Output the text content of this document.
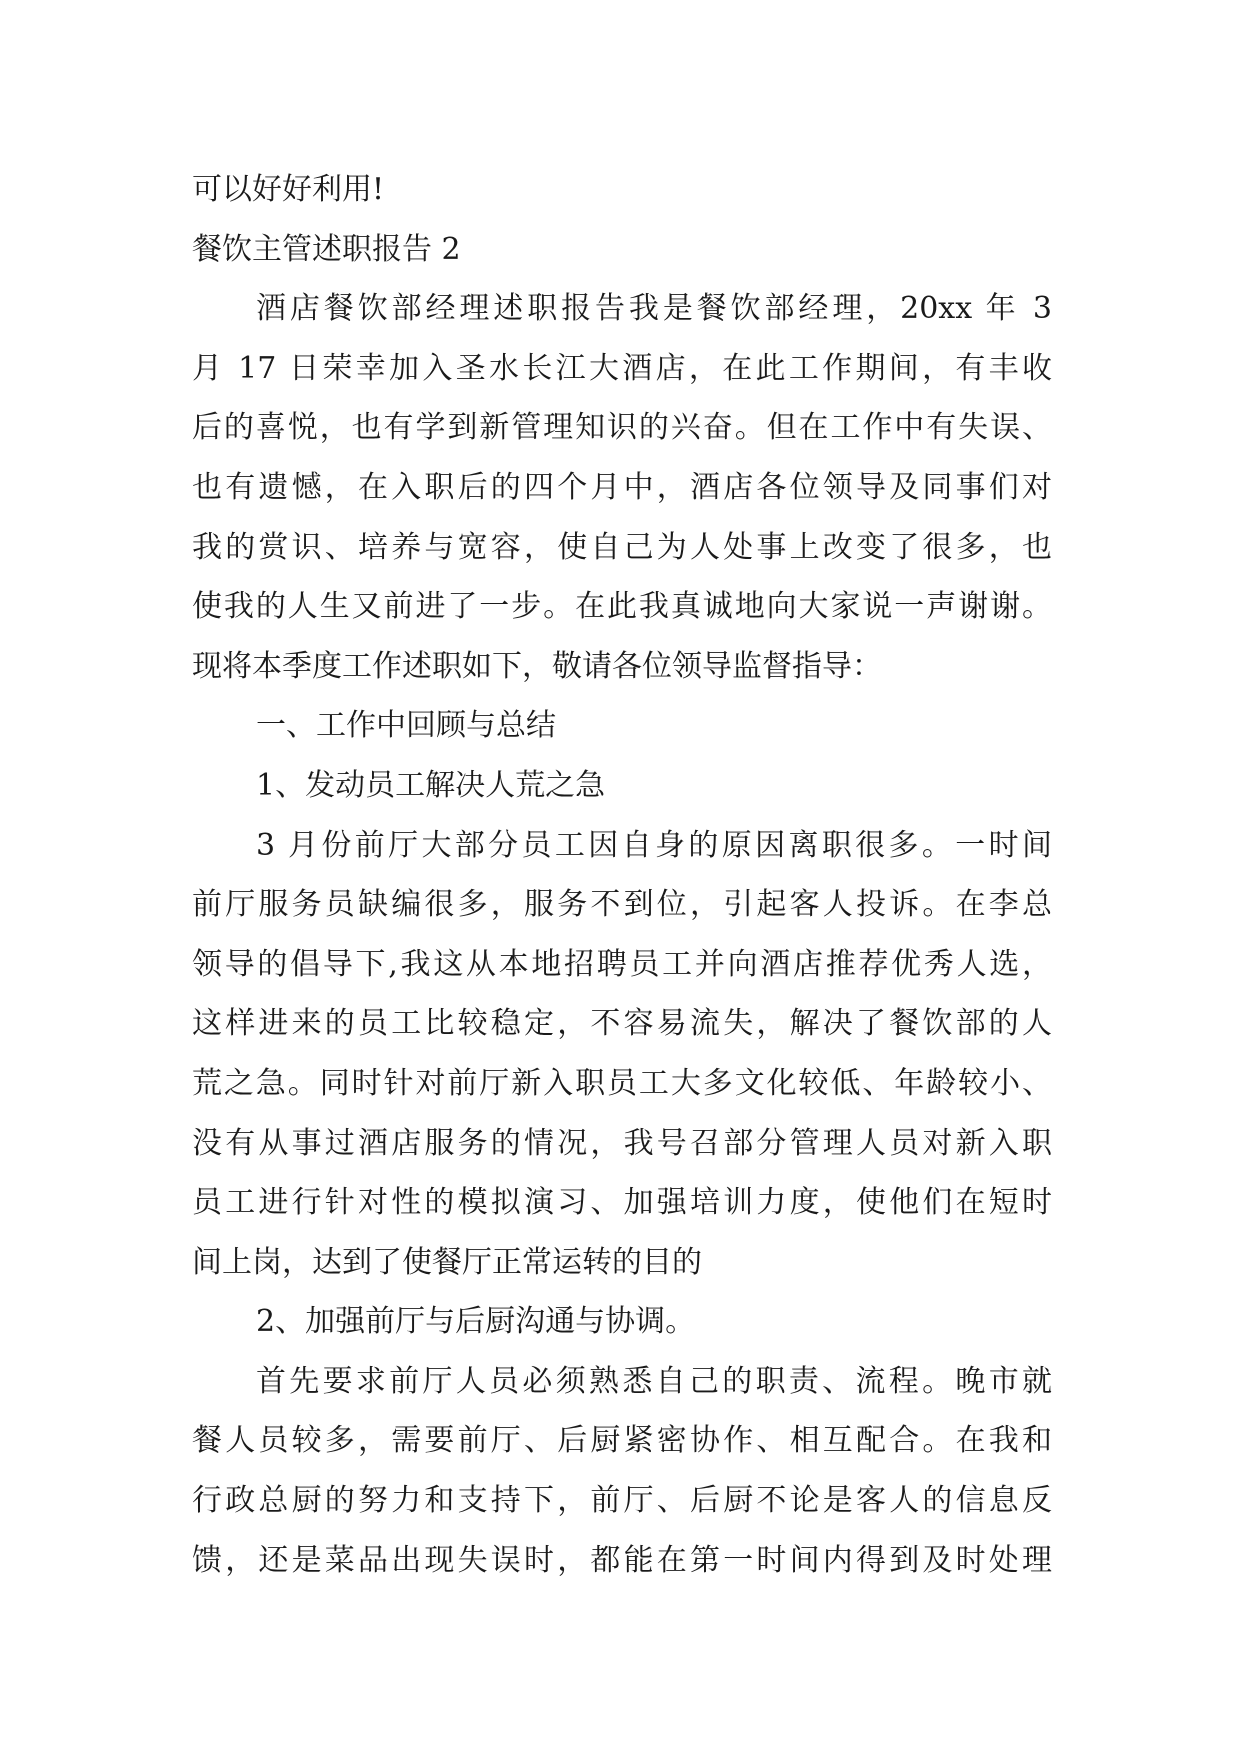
可以好好利用!
餐饮主管述职报告 2
酒店餐饮部经理述职报告我是餐饮部经理，20xx 年 3
月 17 日荣幸加入圣水长江大酒店，在此工作期间，有丰收
后的喜悦，也有学到新管理知识的兴奋。但在工作中有失误、
也有遗憾，在入职后的四个月中，酒店各位领导及同事们对
我的赏识、培养与宽容，使自己为人处事上改变了很多，也
使我的人生又前进了一步。在此我真诚地向大家说一声谢谢。
现将本季度工作述职如下，敬请各位领导监督指导：
一、工作中回顾与总结
1、发动员工解决人荒之急
3 月份前厅大部分员工因自身的原因离职很多。一时间
前厅服务员缺编很多，服务不到位，引起客人投诉。在李总
领导的倡导下,我这从本地招聘员工并向酒店推荐优秀人选，
这样进来的员工比较稳定，不容易流失，解决了餐饮部的人
荒之急。同时针对前厅新入职员工大多文化较低、年龄较小、
没有从事过酒店服务的情况，我号召部分管理人员对新入职
员工进行针对性的模拟演习、加强培训力度，使他们在短时
间上岗，达到了使餐厅正常运转的目的
2、加强前厅与后厨沟通与协调。
首先要求前厅人员必须熟悉自己的职责、流程。晚市就
餐人员较多，需要前厅、后厨紧密协作、相互配合。在我和
行政总厨的努力和支持下，前厅、后厨不论是客人的信息反
馈，还是菜品出现失误时，都能在第一时间内得到及时处理
